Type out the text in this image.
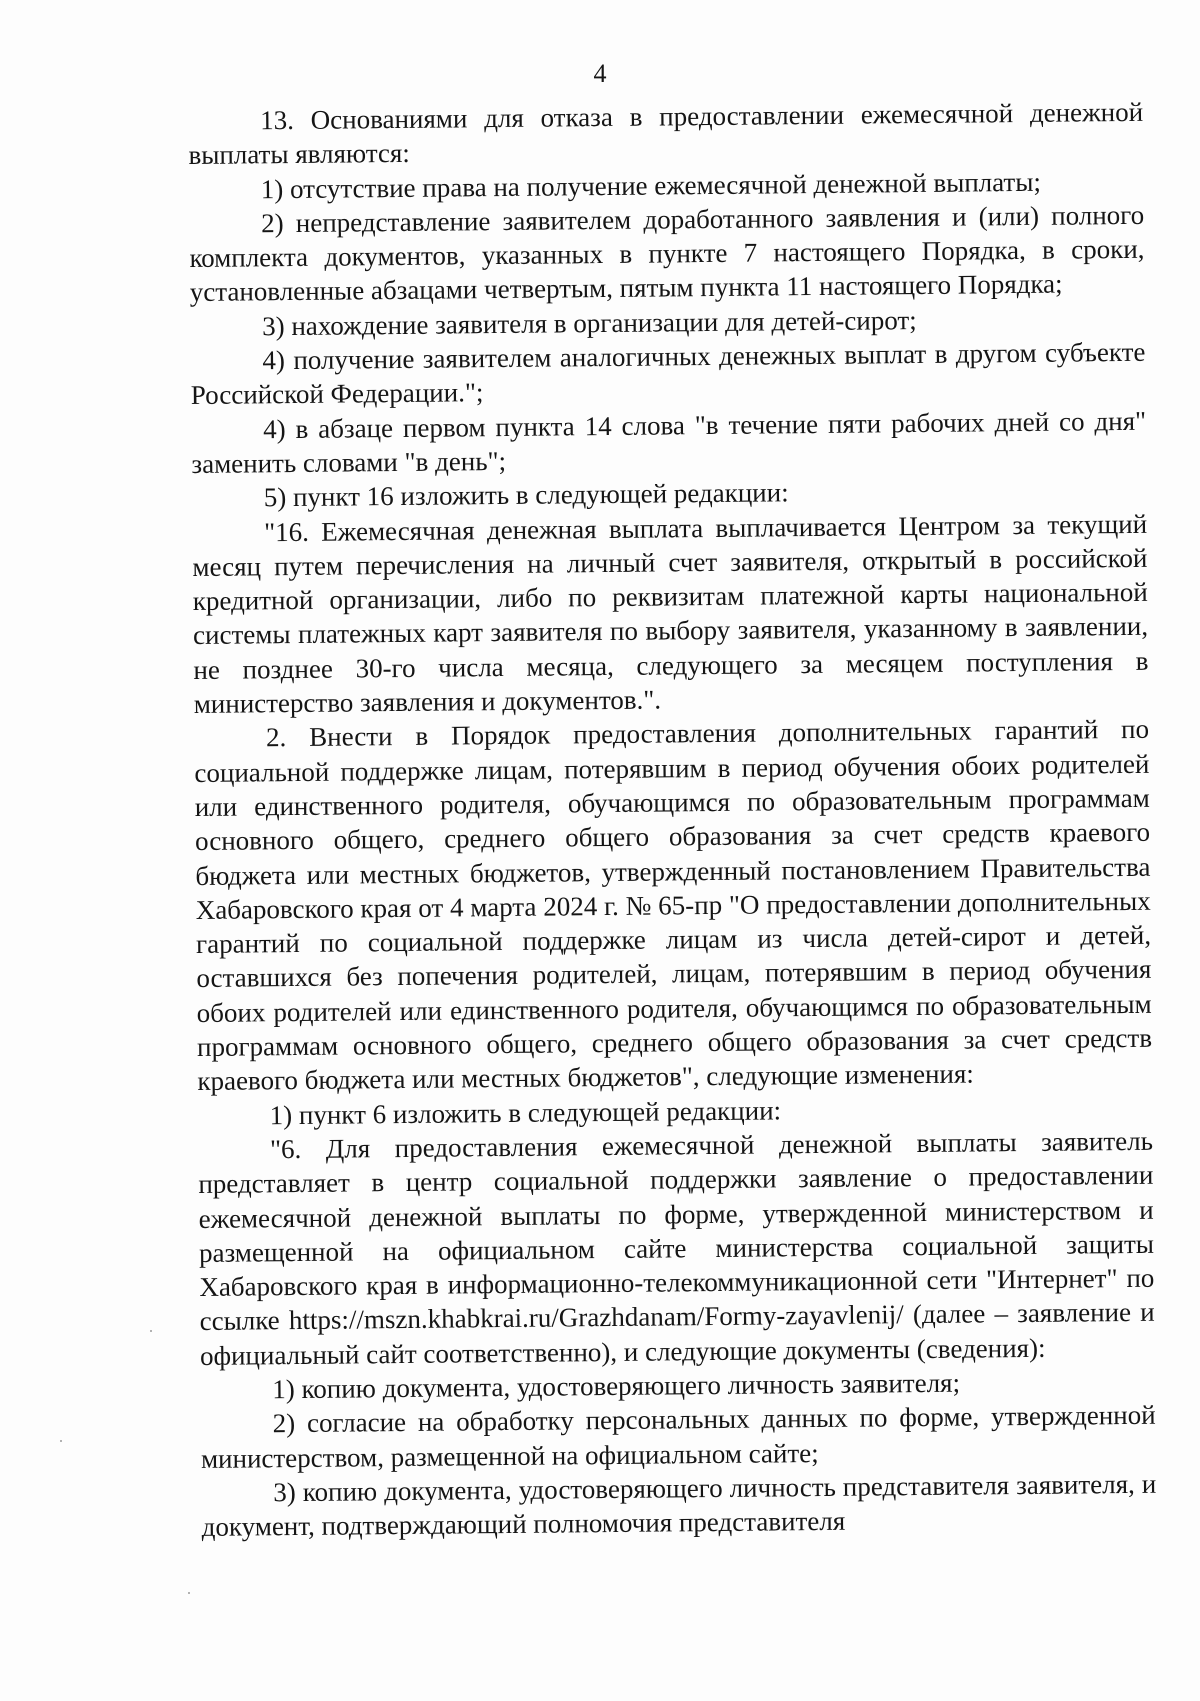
4

13. Основаниями для отказа в предоставлении ежемесячной денежной выплаты являются:

1) отсутствие права на получение ежемесячной денежной выплаты;

2) непредставление заявителем доработанного заявления и (или) полного комплекта документов, указанных в пункте 7 настоящего Порядка, в сроки, установленные абзацами четвертым, пятым пункта 11 настоящего Порядка;

3) нахождение заявителя в организации для детей-сирот;

4) получение заявителем аналогичных денежных выплат в другом субъекте Российской Федерации.";

4) в абзаце первом пункта 14 слова "в течение пяти рабочих дней со дня" заменить словами "в день";

5) пункт 16 изложить в следующей редакции:

"16. Ежемесячная денежная выплата выплачивается Центром за текущий месяц путем перечисления на личный счет заявителя, открытый в российской кредитной организации, либо по реквизитам платежной карты национальной системы платежных карт заявителя по выбору заявителя, указанному в заявлении, не позднее 30-го числа месяца, следующего за месяцем поступления в министерство заявления и документов.".

2. Внести в Порядок предоставления дополнительных гарантий по социальной поддержке лицам, потерявшим в период обучения обоих родителей или единственного родителя, обучающимся по образовательным программам основного общего, среднего общего образования за счет средств краевого бюджета или местных бюджетов, утвержденный постановлением Правительства Хабаровского края от 4 марта 2024 г. № 65-пр "О предоставлении дополнительных гарантий по социальной поддержке лицам из числа детей-сирот и детей, оставшихся без попечения родителей, лицам, потерявшим в период обучения обоих родителей или единственного родителя, обучающимся по образовательным программам основного общего, среднего общего образования за счет средств краевого бюджета или местных бюджетов", следующие изменения:

1) пункт 6 изложить в следующей редакции:

"6. Для предоставления ежемесячной денежной выплаты заявитель представляет в центр социальной поддержки заявление о предоставлении ежемесячной денежной выплаты по форме, утвержденной министерством и размещенной на официальном сайте министерства социальной защиты Хабаровского края в информационно-телекоммуникационной сети "Интернет" по ссылке https://mszn.khabkrai.ru/Grazhdanam/Formy-zayavlenij/ (далее – заявление и официальный сайт соответственно), и следующие документы (сведения):

1) копию документа, удостоверяющего личность заявителя;

2) согласие на обработку персональных данных по форме, утвержденной министерством, размещенной на официальном сайте;

3) копию документа, удостоверяющего личность представителя заявителя, и документ, подтверждающий полномочия представителя
